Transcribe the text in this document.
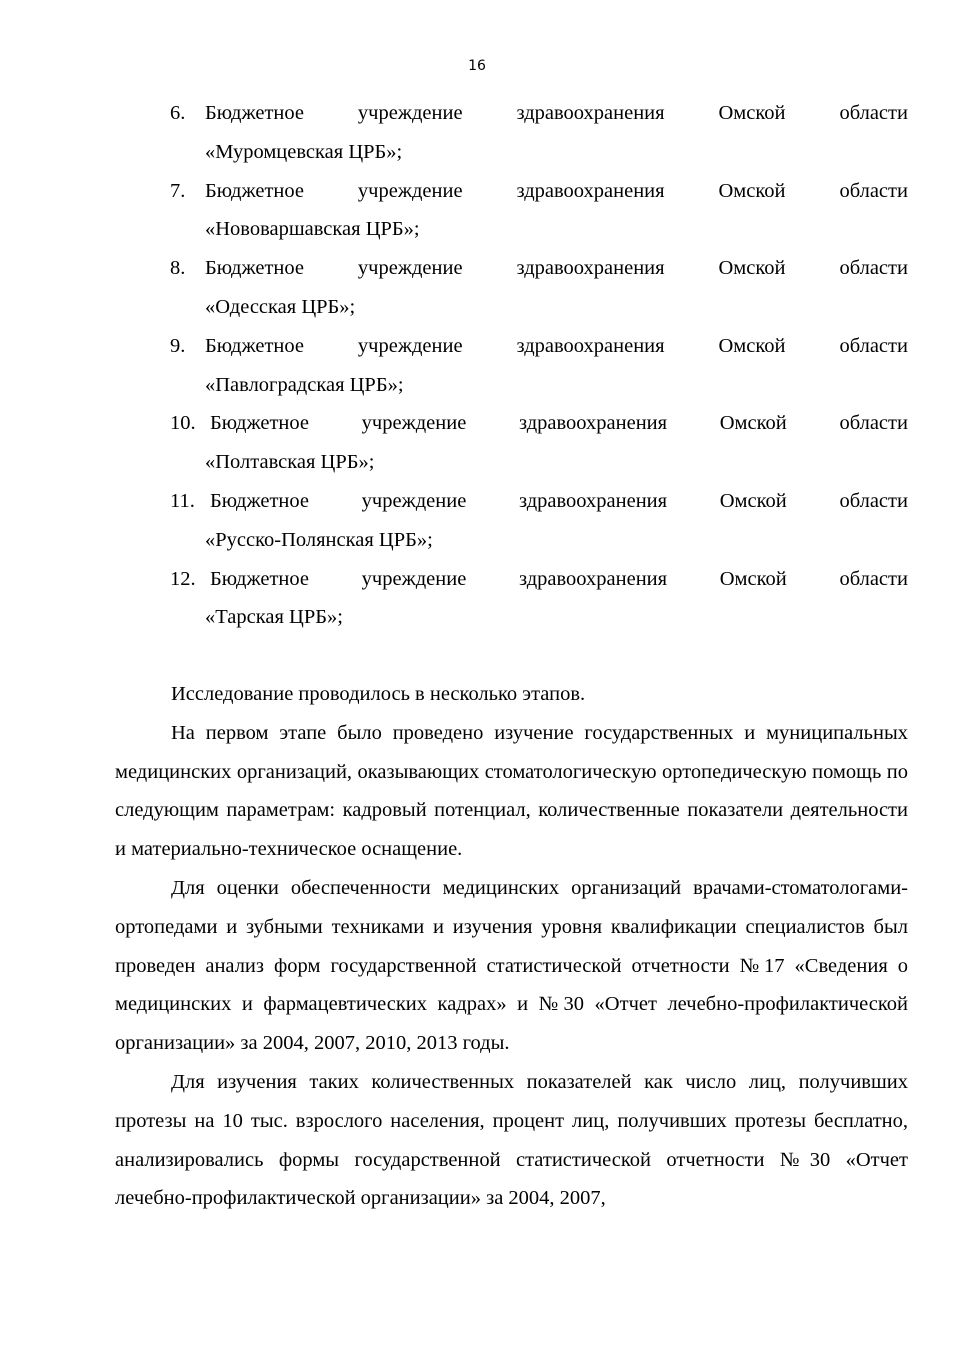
16
6. Бюджетное	учреждение	здравоохранения	Омской	области
«Муромцевская ЦРБ»;
7. Бюджетное	учреждение	здравоохранения	Омской	области
«Нововаршавская ЦРБ»;
8. Бюджетное	учреждение	здравоохранения	Омской	области
«Одесская ЦРБ»;
9. Бюджетное	учреждение	здравоохранения	Омской	области
«Павлоградская ЦРБ»;
10. Бюджетное	учреждение	здравоохранения	Омской	области
«Полтавская ЦРБ»;
11. Бюджетное	учреждение	здравоохранения	Омской	области
«Русско-Полянская ЦРБ»;
12. Бюджетное	учреждение	здравоохранения	Омской	области
«Тарская ЦРБ»;

Исследование проводилось в несколько этапов.

На первом этапе было проведено изучение государственных и муниципальных медицинских организаций, оказывающих стоматологическую ортопедическую помощь по следующим параметрам: кадровый потенциал, количественные показатели деятельности и материально-техническое оснащение.

Для оценки обеспеченности медицинских организаций врачами-стоматологами-ортопедами и зубными техниками и изучения уровня квалификации специалистов был проведен анализ форм государственной статистической отчетности №17 «Сведения о медицинских и фармацевтических кадрах» и №30 «Отчет лечебно-профилактической организации» за 2004, 2007, 2010, 2013 годы.

Для изучения таких количественных показателей как число лиц, получивших протезы на 10 тыс. взрослого населения, процент лиц, получивших протезы бесплатно, анализировались формы государственной статистической отчетности №30 «Отчет лечебно-профилактической организации» за 2004, 2007,
